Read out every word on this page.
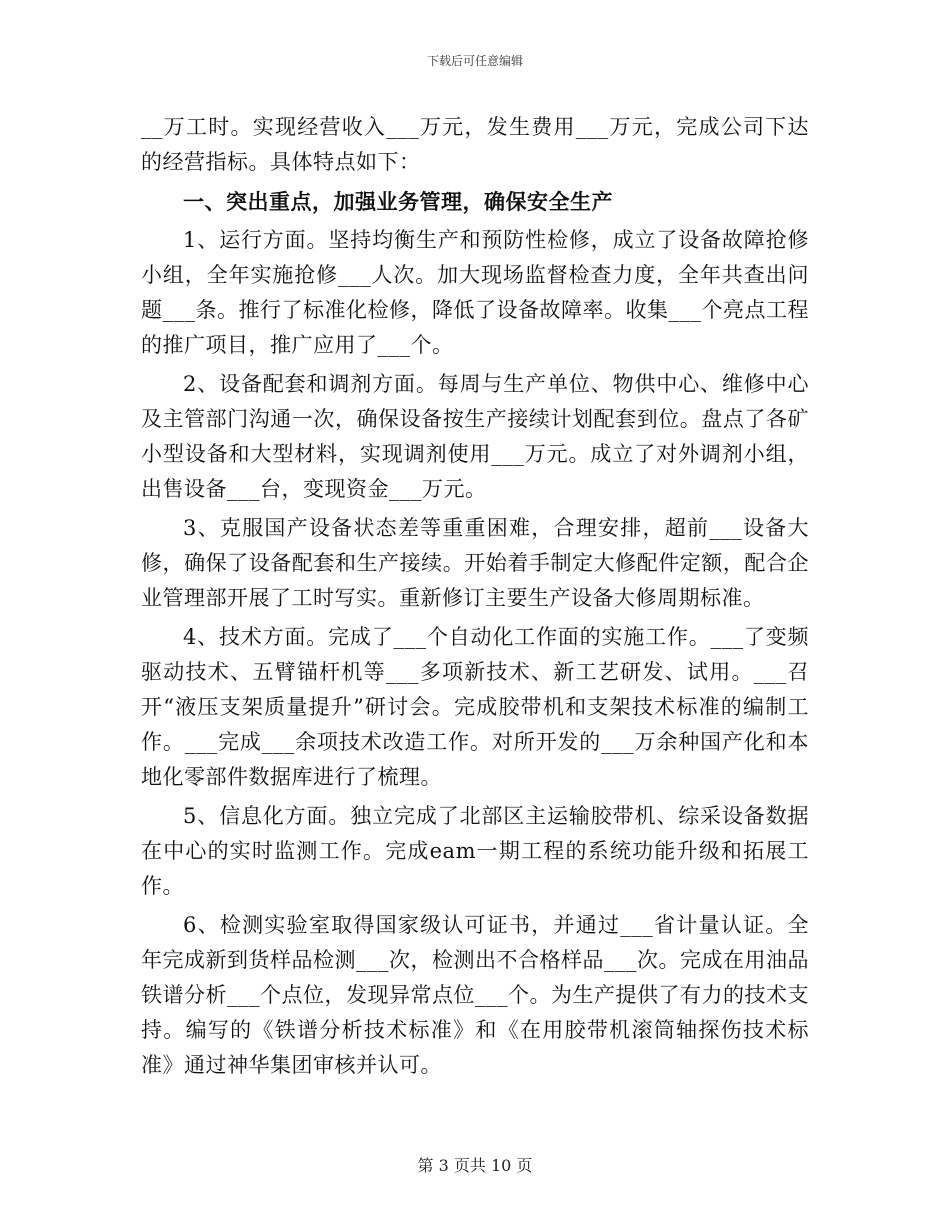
下载后可任意编辑

__万工时。实现经营收入___万元，发生费用___万元，完成公司下达的经营指标。具体特点如下：

一、突出重点，加强业务管理，确保安全生产

1、运行方面。坚持均衡生产和预防性检修，成立了设备故障抢修小组，全年实施抢修___人次。加大现场监督检查力度，全年共查出问题___条。推行了标准化检修，降低了设备故障率。收集___个亮点工程的推广项目，推广应用了___个。

2、设备配套和调剂方面。每周与生产单位、物供中心、维修中心及主管部门沟通一次，确保设备按生产接续计划配套到位。盘点了各矿小型设备和大型材料，实现调剂使用___万元。成立了对外调剂小组，出售设备___台，变现资金___万元。

3、克服国产设备状态差等重重困难，合理安排，超前___设备大修，确保了设备配套和生产接续。开始着手制定大修配件定额，配合企业管理部开展了工时写实。重新修订主要生产设备大修周期标准。

4、技术方面。完成了___个自动化工作面的实施工作。___了变频驱动技术、五臂锚杆机等___多项新技术、新工艺研发、试用。___召开“液压支架质量提升”研讨会。完成胶带机和支架技术标准的编制工作。___完成___余项技术改造工作。对所开发的___万余种国产化和本地化零部件数据库进行了梳理。

5、信息化方面。独立完成了北部区主运输胶带机、综采设备数据在中心的实时监测工作。完成eam一期工程的系统功能升级和拓展工作。

6、检测实验室取得国家级认可证书，并通过___省计量认证。全年完成新到货样品检测___次，检测出不合格样品___次。完成在用油品铁谱分析___个点位，发现异常点位___个。为生产提供了有力的技术支持。编写的《铁谱分析技术标准》和《在用胶带机滚筒轴探伤技术标准》通过神华集团审核并认可。

第 3 页共 10 页
